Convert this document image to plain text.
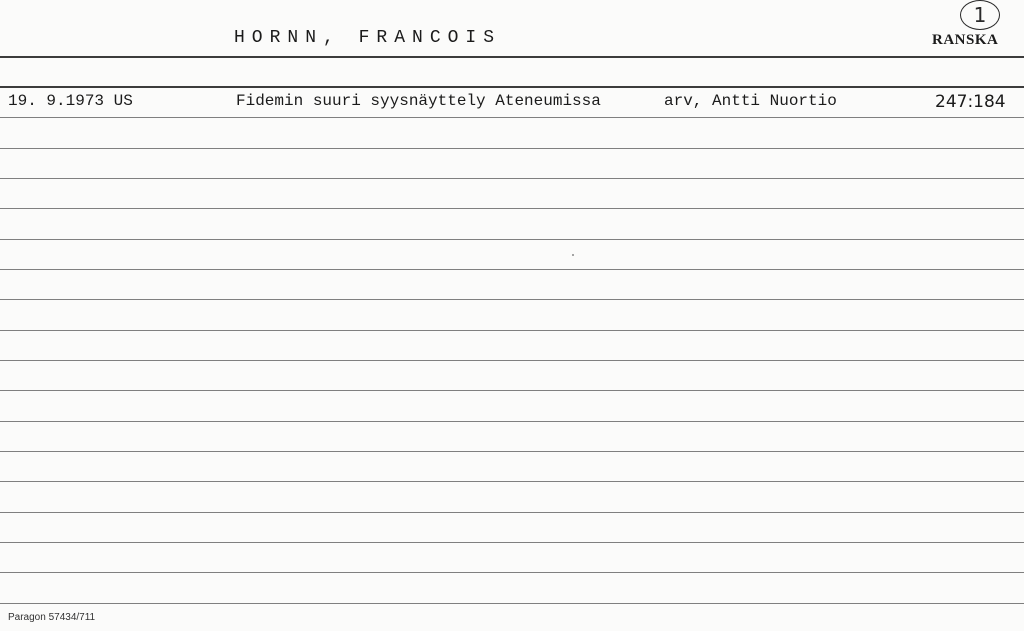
1
HORNN, FRANCOIS	RANSKA
19. 9.1973 US	Fidemin suuri syysnäyttely Ateneumissa	arv, Antti Nuortio	247:184
Paragon 57434/711
